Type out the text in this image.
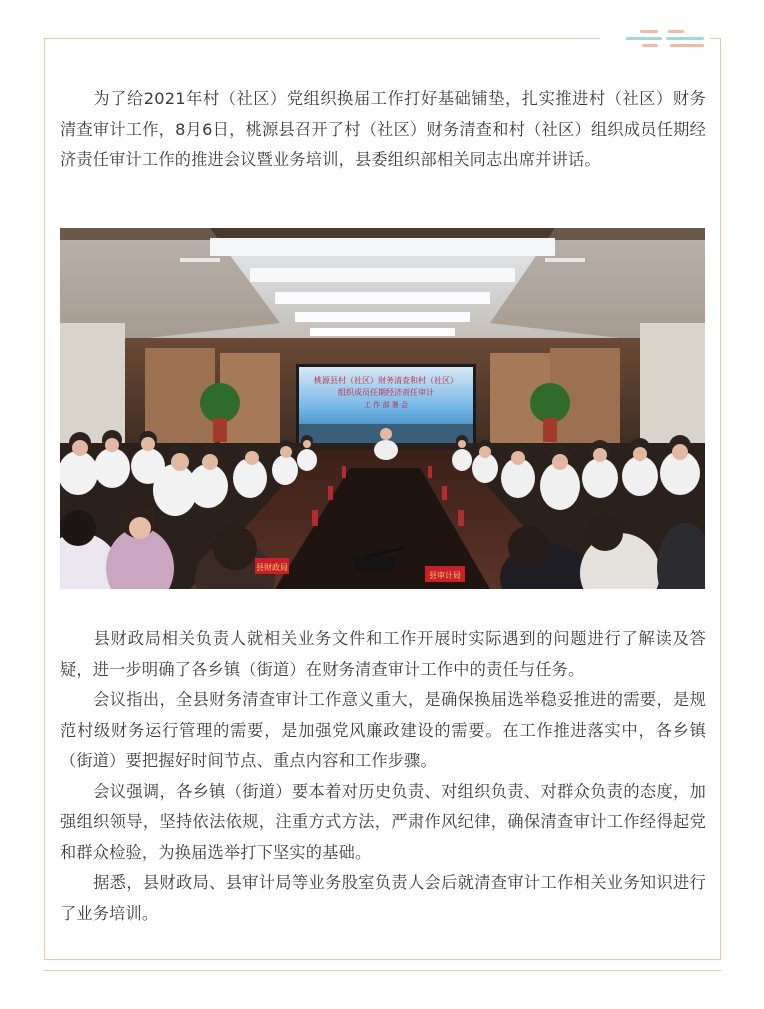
为了给2021年村（社区）党组织换届工作打好基础铺垫，扎实推进村（社区）财务清查审计工作，8月6日，桃源县召开了村（社区）财务清查和村（社区）组织成员任期经济责任审计工作的推进会议暨业务培训，县委组织部相关同志出席并讲话。

桃源县村（社区）财务清查和村（社区）
组织成员任期经济责任审计
工 作 部 署 会
县财政局
县审计局

县财政局相关负责人就相关业务文件和工作开展时实际遇到的问题进行了解读及答疑，进一步明确了各乡镇（街道）在财务清查审计工作中的责任与任务。

会议指出，全县财务清查审计工作意义重大，是确保换届选举稳妥推进的需要，是规范村级财务运行管理的需要，是加强党风廉政建设的需要。在工作推进落实中，各乡镇（街道）要把握好时间节点、重点内容和工作步骤。

会议强调，各乡镇（街道）要本着对历史负责、对组织负责、对群众负责的态度，加强组织领导，坚持依法依规，注重方式方法，严肃作风纪律，确保清查审计工作经得起党和群众检验，为换届选举打下坚实的基础。

据悉，县财政局、县审计局等业务股室负责人会后就清查审计工作相关业务知识进行了业务培训。
